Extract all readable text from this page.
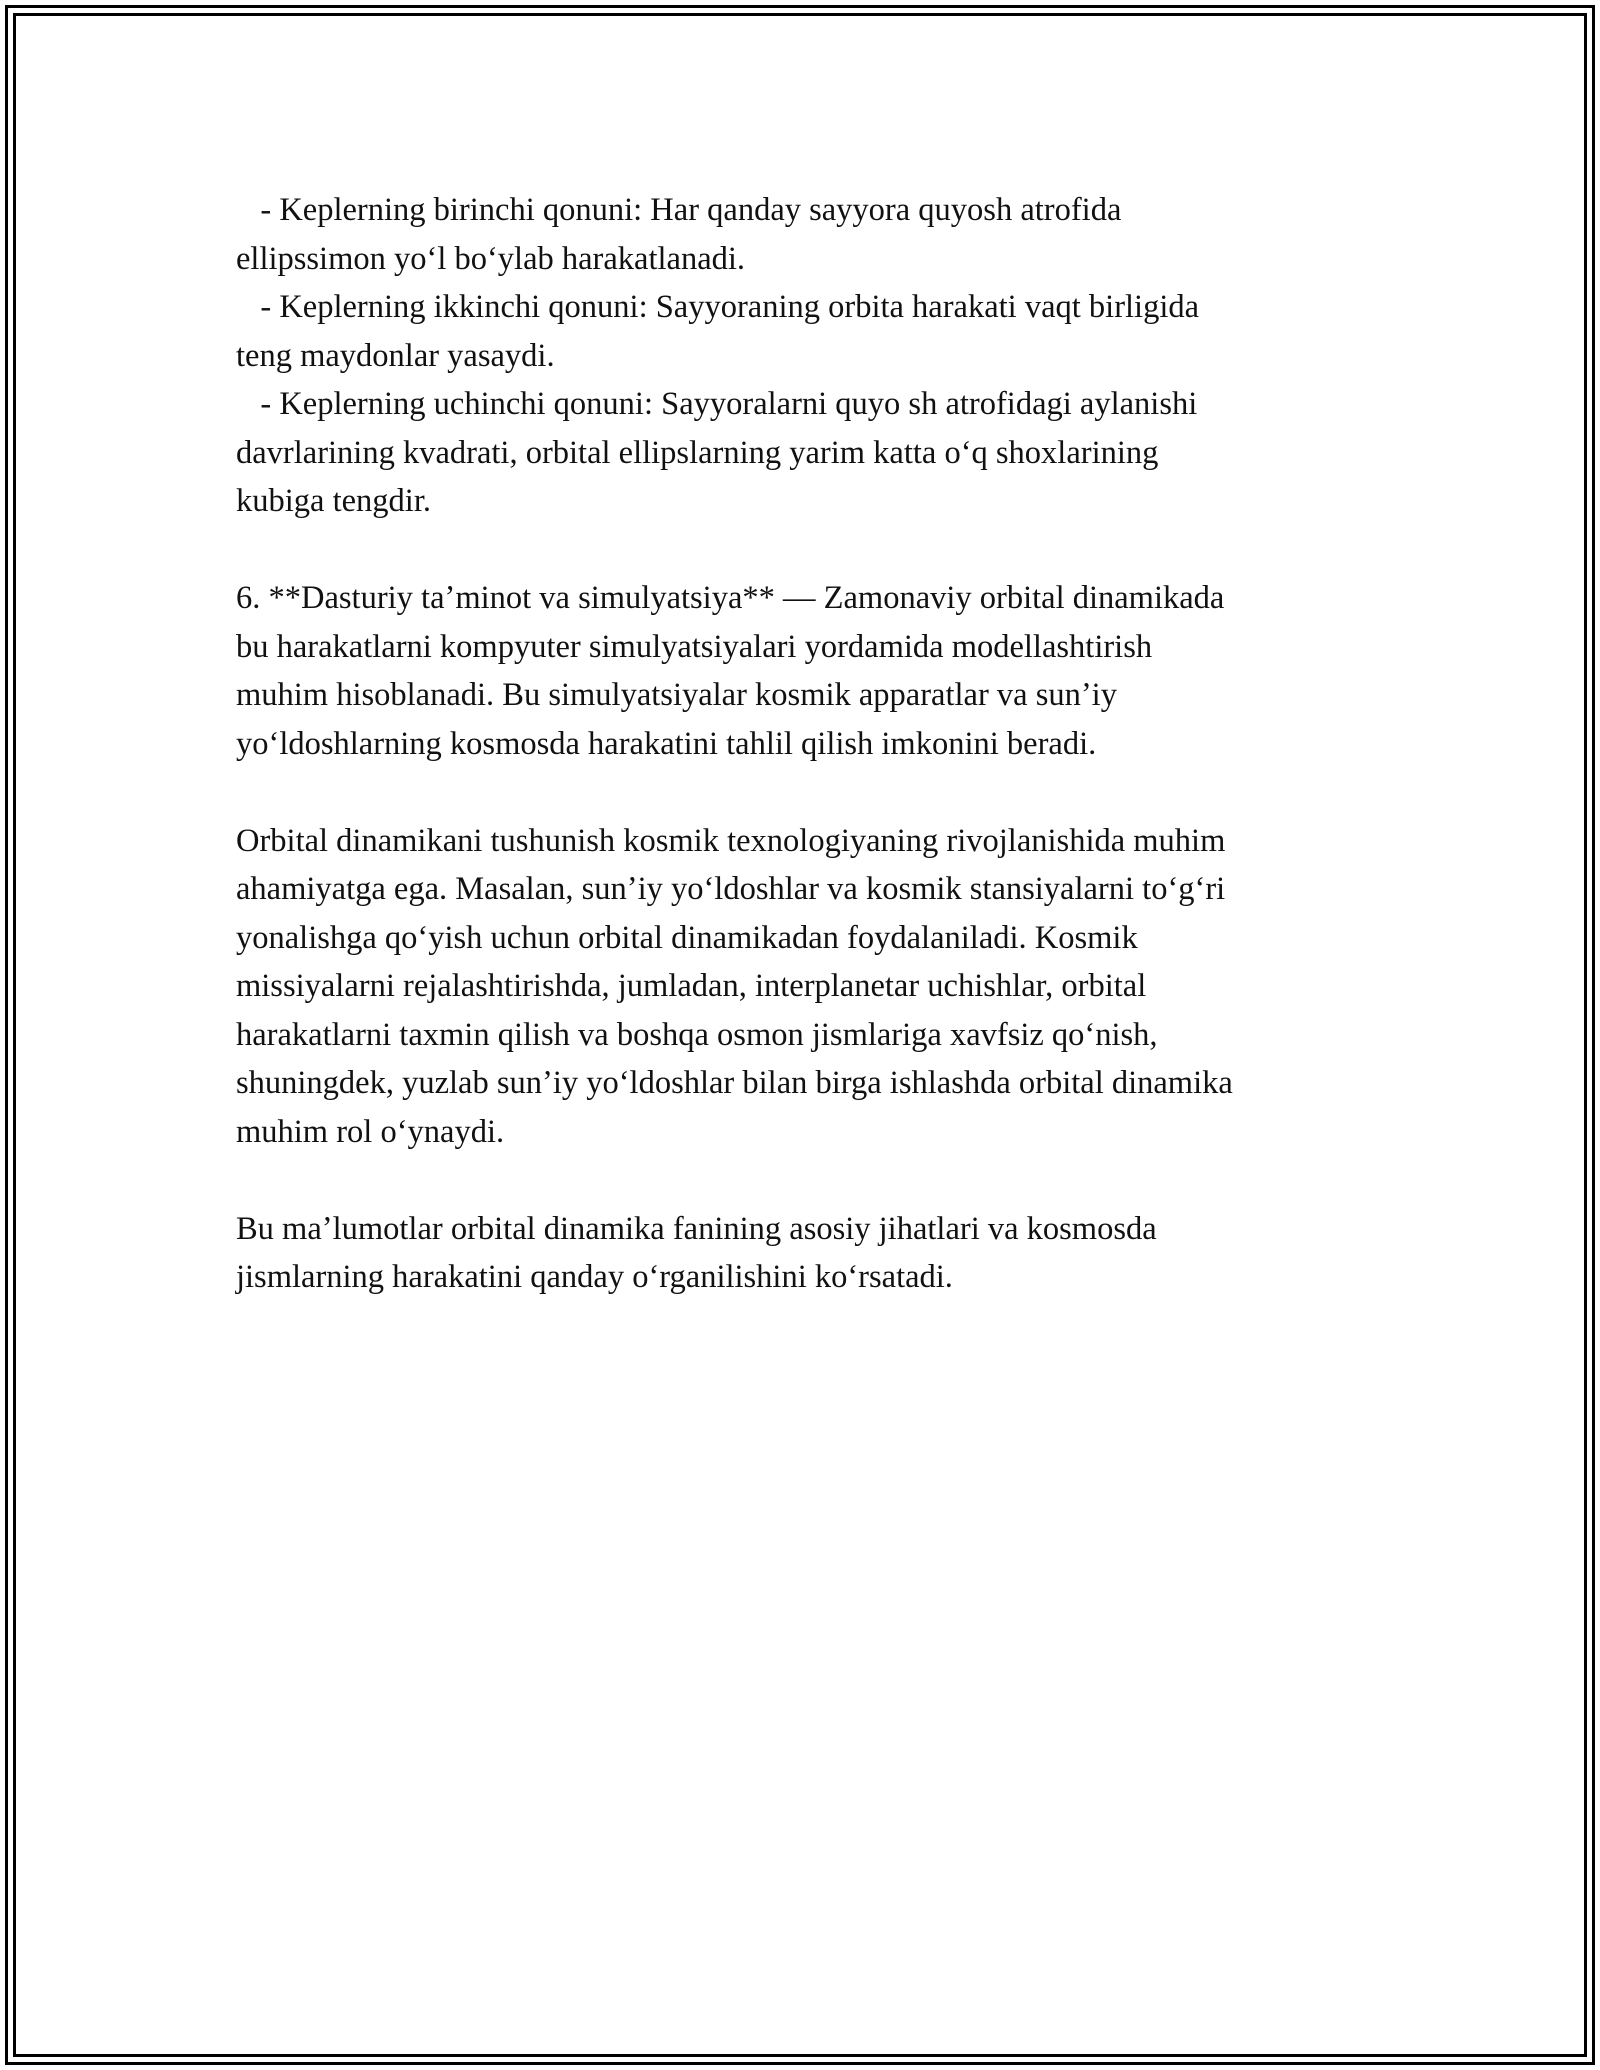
- Keplerning birinchi qonuni: Har qanday sayyora quyosh atrofida
ellipssimon yoʻl boʻylab harakatlanadi.
- Keplerning ikkinchi qonuni: Sayyoraning orbita harakati vaqt birligida
teng maydonlar yasaydi.
- Keplerning uchinchi qonuni: Sayyoralarni quyo sh atrofidagi aylanishi
davrlarining kvadrati, orbital ellipslarning yarim katta oʻq shoxlarining
kubiga tengdir.
6. **Dasturiy taʼminot va simulyatsiya** — Zamonaviy orbital dinamikada
bu harakatlarni kompyuter simulyatsiyalari yordamida modellashtirish
muhim hisoblanadi. Bu simulyatsiyalar kosmik apparatlar va sunʼiy
yoʻldoshlarning kosmosda harakatini tahlil qilish imkonini beradi.
Orbital dinamikani tushunish kosmik texnologiyaning rivojlanishida muhim
ahamiyatga ega. Masalan, sunʼiy yoʻldoshlar va kosmik stansiyalarni toʻgʻri
yonalishga qoʻyish uchun orbital dinamikadan foydalaniladi. Kosmik
missiyalarni rejalashtirishda, jumladan, interplanetar uchishlar, orbital
harakatlarni taxmin qilish va boshqa osmon jismlariga xavfsiz qoʻnish,
shuningdek, yuzlab sunʼiy yoʻldoshlar bilan birga ishlashda orbital dinamika
muhim rol oʻynaydi.
Bu maʼlumotlar orbital dinamika fanining asosiy jihatlari va kosmosda
jismlarning harakatini qanday oʻrganilishini koʻrsatadi.
